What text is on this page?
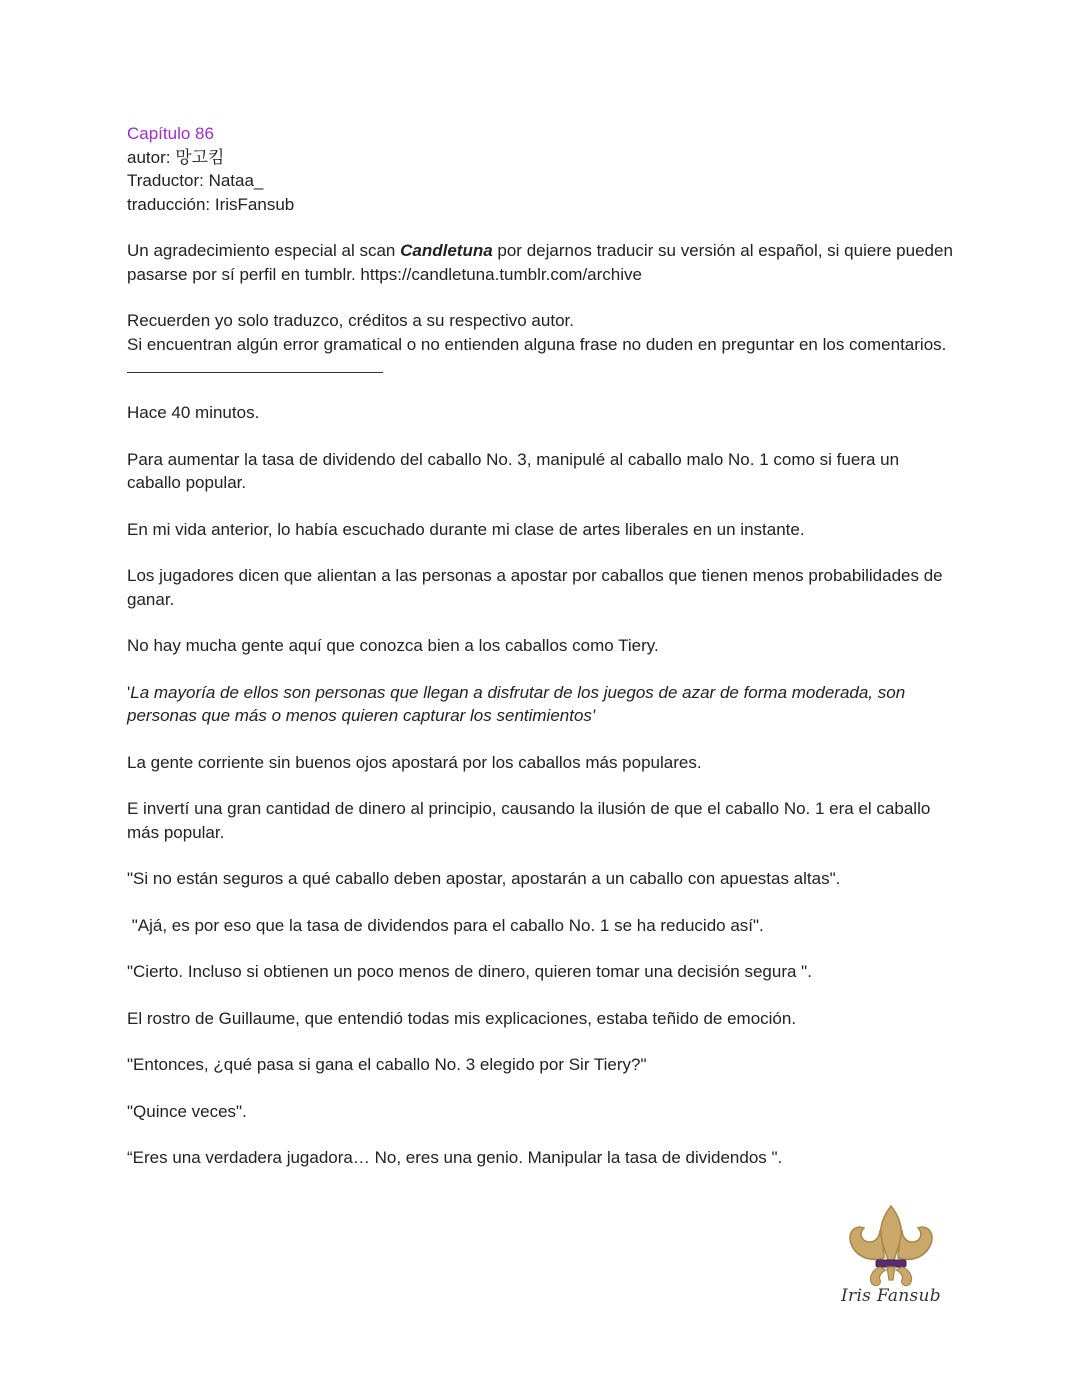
Capítulo 86

autor: 망고킴

Traductor: Nataa_

traducción: IrisFansub

Un agradecimiento especial al scan Candletuna por dejarnos traducir su versión al español, si quiere pueden pasarse por sí perfil en tumblr. https://candletuna.tumblr.com/archive

Recuerden yo solo traduzco, créditos a su respectivo autor.

Si encuentran algún error gramatical o no entienden alguna frase no duden en preguntar en los comentarios.

Hace 40 minutos.

Para aumentar la tasa de dividendo del caballo No. 3, manipulé al caballo malo No. 1 como si fuera un caballo popular.

En mi vida anterior, lo había escuchado durante mi clase de artes liberales en un instante.

Los jugadores dicen que alientan a las personas a apostar por caballos que tienen menos probabilidades de ganar.

No hay mucha gente aquí que conozca bien a los caballos como Tiery.

'La mayoría de ellos son personas que llegan a disfrutar de los juegos de azar de forma moderada, son personas que más o menos quieren capturar los sentimientos'

La gente corriente sin buenos ojos apostará por los caballos más populares.

E invertí una gran cantidad de dinero al principio, causando la ilusión de que el caballo No. 1 era el caballo más popular.

"Si no están seguros a qué caballo deben apostar, apostarán a un caballo con apuestas altas".

"Ajá, es por eso que la tasa de dividendos para el caballo No. 1 se ha reducido así".

"Cierto. Incluso si obtienen un poco menos de dinero, quieren tomar una decisión segura ".

El rostro de Guillaume, que entendió todas mis explicaciones, estaba teñido de emoción.

"Entonces, ¿qué pasa si gana el caballo No. 3 elegido por Sir Tiery?"

"Quince veces".

“Eres una verdadera jugadora… No, eres una genio. Manipular la tasa de dividendos ".

Iris Fansub
